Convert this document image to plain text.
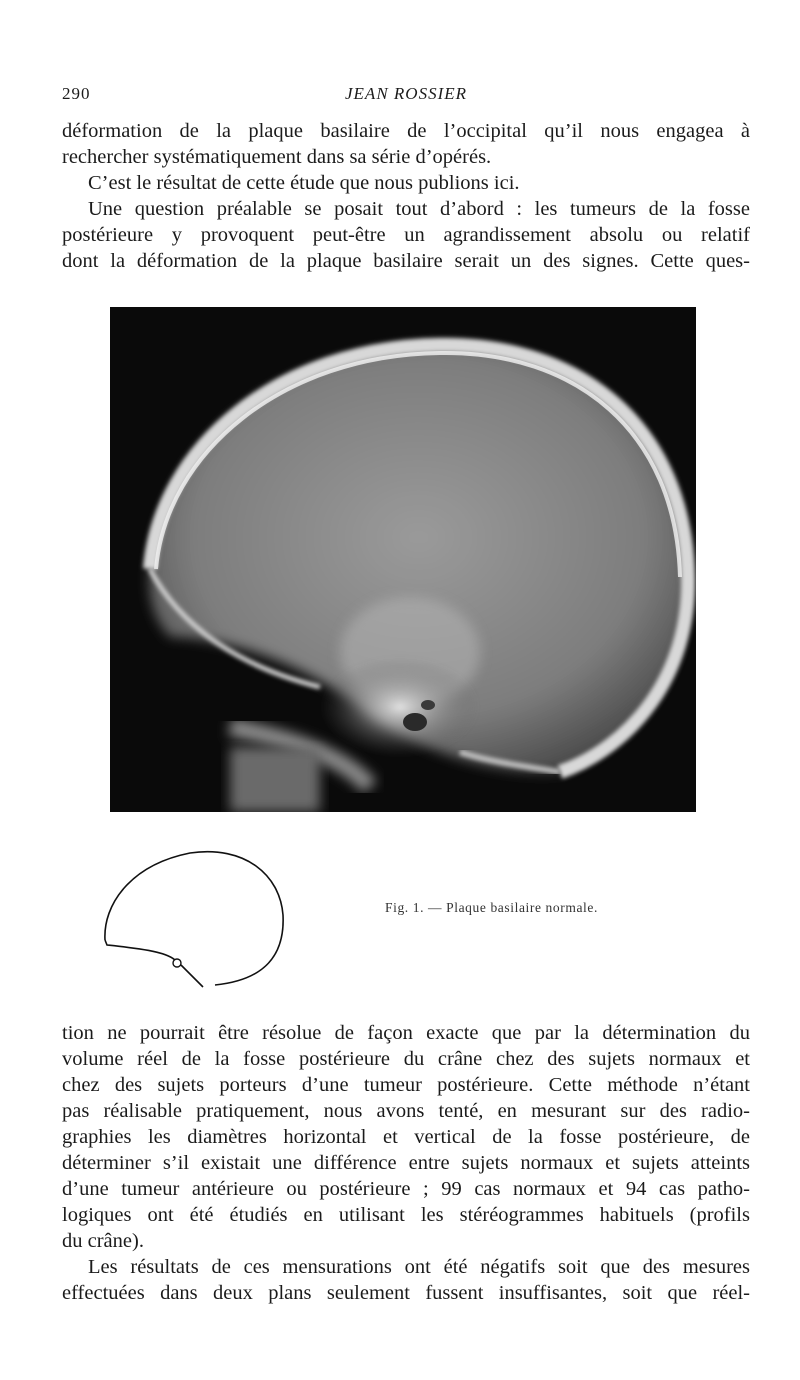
290	JEAN ROSSIER
déformation de la plaque basilaire de l’occipital qu’il nous engagea à
rechercher systématiquement dans sa série d’opérés.
C’est le résultat de cette étude que nous publions ici.
Une question préalable se posait tout d’abord : les tumeurs de la fosse
postérieure y provoquent peut-être un agrandissement absolu ou relatif
dont la déformation de la plaque basilaire serait un des signes. Cette ques-
Fig. 1. — Plaque basilaire normale.
tion ne pourrait être résolue de façon exacte que par la détermination du
volume réel de la fosse postérieure du crâne chez des sujets normaux et
chez des sujets porteurs d’une tumeur postérieure. Cette méthode n’étant
pas réalisable pratiquement, nous avons tenté, en mesurant sur des radio-
graphies les diamètres horizontal et vertical de la fosse postérieure, de
déterminer s’il existait une différence entre sujets normaux et sujets atteints
d’une tumeur antérieure ou postérieure ; 99 cas normaux et 94 cas patho-
logiques ont été étudiés en utilisant les stéréogrammes habituels (profils
du crâne).
Les résultats de ces mensurations ont été négatifs soit que des mesures
effectuées dans deux plans seulement fussent insuffisantes, soit que réel-
